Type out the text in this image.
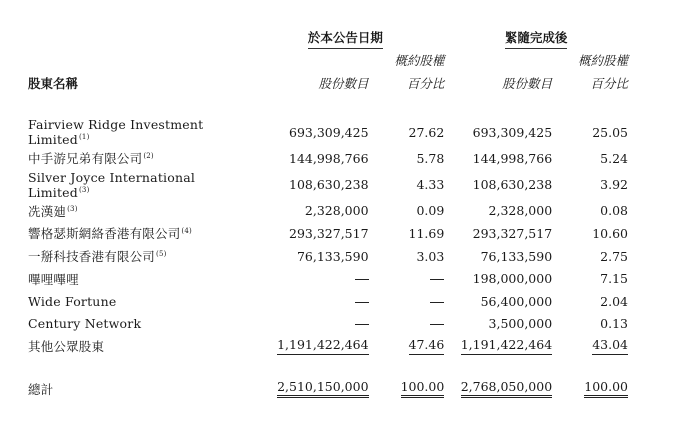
	於本公告日期		緊隨完成後	
		概約股權		概約股權
股東名稱	股份數目	百分比	股份數目	百分比
Fairview Ridge Investment Limited$^{(1)}$	693,309,425	27.62	693,309,425	25.05
中手游兄弟有限公司$^{(2)}$	144,998,766	5.78	144,998,766	5.24
Silver Joyce International Limited$^{(3)}$	108,630,238	4.33	108,630,238	3.92
冼漢廸$^{(3)}$	2,328,000	0.09	2,328,000	0.08
響格瑟斯網絡香港有限公司$^{(4)}$	293,327,517	11.69	293,327,517	10.60
一掰科技香港有限公司$^{(5)}$	76,133,590	3.03	76,133,590	2.75
嗶哩嗶哩			198,000,000	7.15
Wide Fortune			56,400,000	2.04
Century Network			3,500,000	0.13
其他公眾股東	1,191,422,464	47.46	1,191,422,464	43.04
總計	2,510,150,000	100.00	2,768,050,000	100.00
